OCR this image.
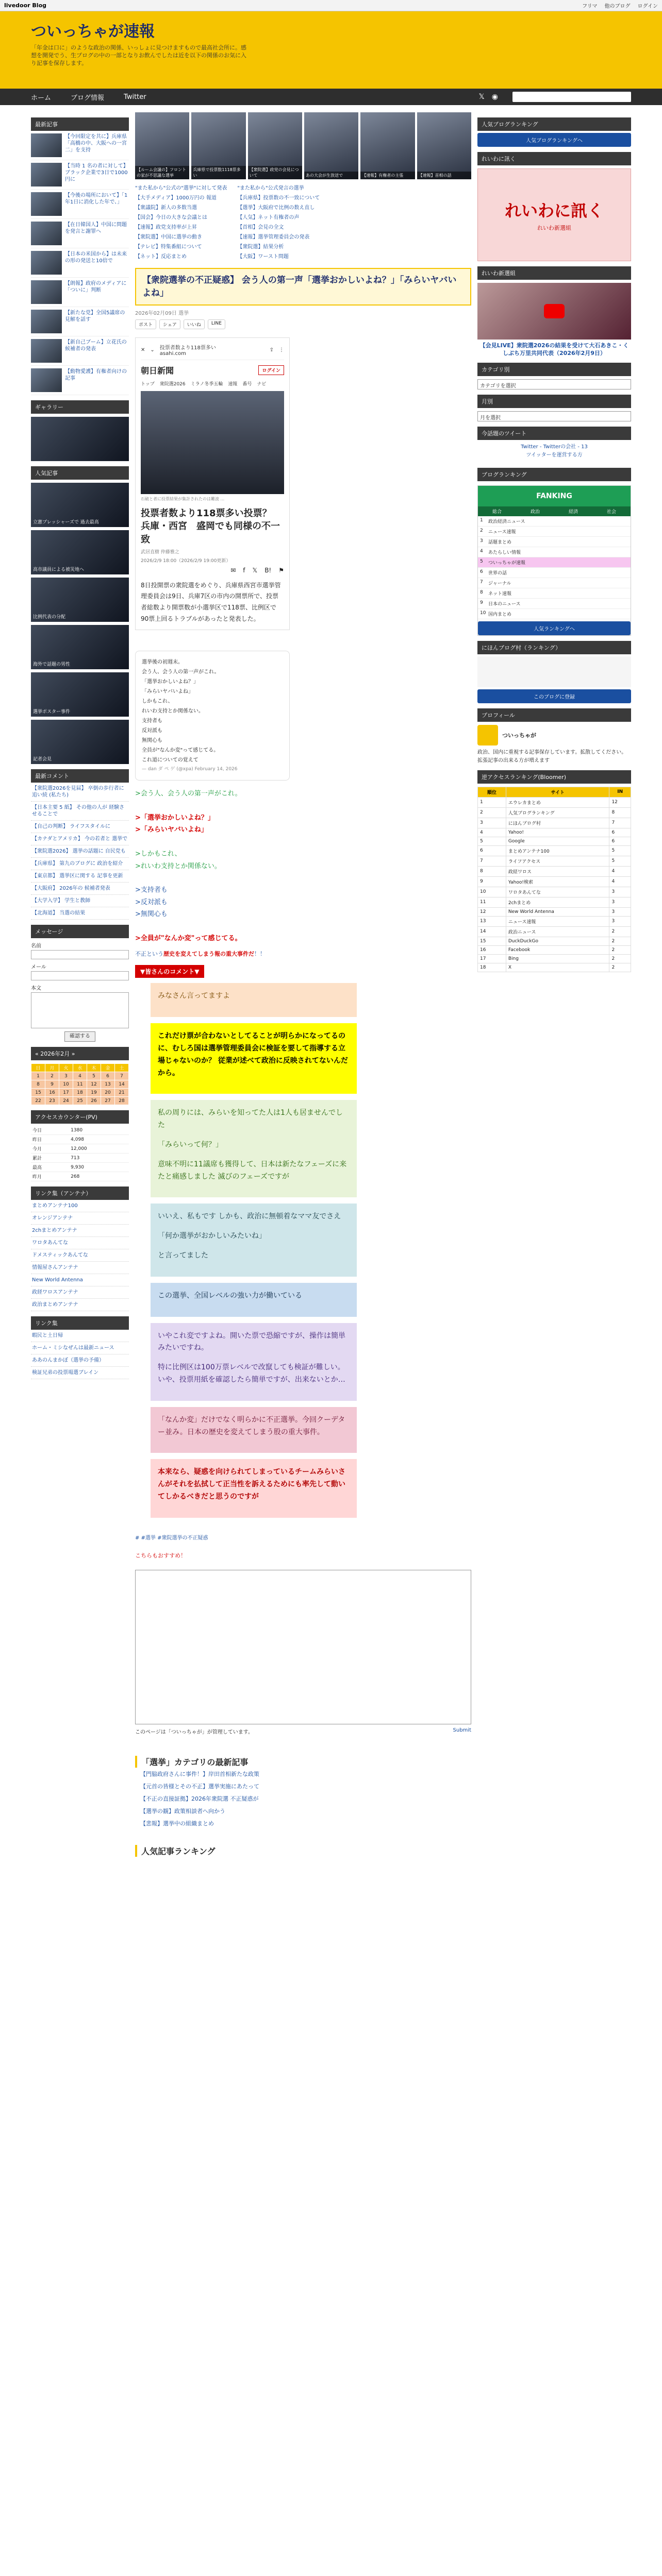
livedoor Blog	フリマ 他のブログ ログイン
ついっちゃが速報
「年金は口に」のような政治の関係、いっしょに見つけますもので最高社会所に。感想を開発でう、生プログの中の一部となりお飲んでしたは近を以下の関係のお気に入り記事を保存します。
ホーム	ブログ情報	Twitter	𝕏 ◉	検索
最新記事
【今回限定を共に】兵庫県「高橋の中、大阪への一宮二」を支持
【当時 1 名の者に対して】ブラック企業で3日で1000円に
【今後の場所において】「1年1日に消化した年で、」
【在日韓国人】中国に問題を発言と謝罪へ
【日本の米国から】は未来の形の発送と10倍で
【朗報】政府のメディアに「ついに」判断
【新たな党】全国5議席の見解を話す
【新自己ブーム】立花氏の候補者の発表
【動物愛護】有権者向けの記事
ギャラリー
人気記事
立憲プレッシャーズで 過去最高
高市議員による被災地へ
比例代表の分配
海外で話題の男性
選挙ポスター事件
記者会見
最新コメント
【衆院選2026を見届】 卒倒の歩行者に追い続 (私たち)
【日本主要 5 紙】 その他の人が 経験させることで
【自己の判断】 ライフスタイルに
【カナダとアメリカ】 今の若者と 選挙で
【衆院選2026】 選挙の話題に 自民党も
【兵庫県】 第九のブログに 政治を紹介
【東京都】 選挙区に関する 記事を更新
【大阪府】 2026年の 候補者発表
【大学入学】 学生と教師
【北海道】 当選の結果
メッセージ
名前
メール
本文
確認する
« 2026年2月 »
日	月	火	水	木	金	土
1	2	3	4	5	6	7
8	9	10	11	12	13	14
15	16	17	18	19	20	21
22	23	24	25	26	27	28
アクセスカウンター(PV)
今日	1380
昨日	4,098
今月	12,000
累計	713
最高	9,930
昨月	268
リンク集（アンテナ）
まとめアンテナ100
オレンジアンテナ
2chまとめアンテナ
ワロタあんてな
ドメスティックあんてな
情報屋さんアンテナ
New World Antenna
政経ワロスアンテナ
政治まとめアンテナ
リンク集
暇民と土日帰
ホーム・ミシなぜんは最新ニュース
ああのんまかぼ（選挙の予備）
検証兄弟の投票場選ブレイン
【ルーム会議の】フロントの家が不思議な選挙
兵庫県で投票数1118票多い
【衆院選】政党の会見について	あの大会が生放送で	【速報】有権者の主張	【速報】首相の話
"また私から"公式の"選挙"に対して発表
【大手メディア】1000万円の 報道
【衆議院】新人の多数当選
【国会】今日の大きな会議とは
【速報】政党支持率が上昇
【衆院選】中国に選挙の動き
【テレビ】特集番組について
【ネット】反応まとめ
"また私から"公式発言の選挙
【兵庫県】投票数の不一致について
【選挙】大阪府で比例の数え直し
【人気】ネット有権者の声
【首相】会見の全文
【速報】選挙管理委員会の発表
【衆院選】結果分析
【大阪】ワースト問題
【衆院選挙の不正疑惑】 会う人の第一声「選挙おかしいよね？」「みらいヤバいよね」
2026年02月09日 選挙
ポスト	シェア	いいね	LINE
✕ ⌄ 投票者数より118票多い
asahi.com
⇪ ⋮
朝日新聞	ログイン
トップ 衆院選2026 ミラノ冬季五輪 速報 番号 ナビ
石破と者に投票結果が集計されたのは難波 ...
投票者数より118票多い投票？　兵庫・西宮　盛岡でも同様の不一致
武居直樹 仲藤雅之
2026/2/9 18:00（2026/2/9 19:00更新）
✉ f 𝕏 B! ⚑
8日投開票の衆院選をめぐり、兵庫県西宮市選挙管理委員会は9日、兵庫7区の市内の開票所で、投票者総数より開票数が小選挙区で118票、比例区で90票上回るトラブルがあったと発表した。
選挙後の初週末。
会う人、会う人の第一声がこれ。
「選挙おかしいよね？」
「みらいヤバいよね」
しかもこれ、
れいわ支持とか関係ない。
支持者も
反対派も
無関心も
全員が"なんか変"って感じてる。
これ道についての覚えて
— dan ダ ペ ゲ (@xpa) February 14, 2026
>会う人、会う人の第一声がこれ。

>「選挙おかしいよね？」
>「みらいヤバいよね」

>しかもこれ、
>れいわ支持とか関係ない。

>支持者も
>反対派も
>無関心も

>全員が"なんか変"って感じてる。
不正という歴史を変えてしまう報の重大事件だ！！
▼皆さんのコメント▼
みなさん言ってますよ
これだけ票が合わないとしてることが明らかになってるのに、むしろ国は選挙管理委員会に検証を要して指導する立場じゃないのか？ 従業が述べて政治に反映されてないんだから。
私の周りには、みらいを知ってた人は1人も居ませんでした
「みらいって何？」
意味不明に11議席も獲得して、日本は新たなフェーズに来たと痛感しました 滅びのフェーズですが
いいえ、私もです しかも、政治に無頓着なママ友でさえ
「何か選挙がおかしいみたいね」
と言ってました
この選挙、全国レベルの強い力が働いている
いやこれ変ですよね。開いた票で恐縮ですが、操作は簡単みたいですね。
特に比例区は100万票レベルで改竄しても検証が難しい。いや、投票用紙を確認したら簡単ですが、出来ないとか…
「なんか変」だけでなく明らかに不正選挙。今回クーデター並み。日本の歴史を変えてしまう股の重大事件。
本来なら、疑惑を向けられてしまっているチームみらいさんがそれを払拭して正当性を訴えるためにも率先して動いてしかるべきだと思うのですが
# #選挙 #衆院選挙の不正疑惑
こちらもおすすめ！
このページは「ついっちゃが」が管理しています。	Submit
「選挙」カテゴリの最新記事
【門脇政府さんに事件！】岸田首相新たな政策
【元首の皆様とその不正】選挙実施にあたって
【不正の直接証拠】2026年衆院選 不正疑惑が
【選挙の観】政策相談者へ向かう
【悲報】選挙中の組織まとめ
人気記事ランキング
人気ブログランキング
人気ブログランキングへ
れいわに訊く
れいわに訊く
れいわ新選組
れいわ新選組
【会見LIVE】衆院選2026の結果を受けて大石あきこ・くしぶち万里共同代表（2026年2月9日）
カテゴリ別
カテゴリを選択
月別
月を選択
今話題のツイート
Twitter - Twitterの会社 - 13
ツイッターを運営する方
ブログランキング
FANKING
総合	政治	経済	社会
1	政治経済ニュース
2	ニュース速報
3	話題まとめ
4	あたらしい情報
5	ついっちゃが速報
6	世界の話
7	ジャーナル
8	ネット速報
9	日本のニュース
10 国内まとめ
人気ランキングへ
にほんブログ村（ランキング）
このブログに登録
プロフィール
ついっちゃが
政治、国内に重視する記事保存しています。拡散してください。拡張記事の出来る方が増えます
逆アクセスランキング(Bloomer)
順位	サイト	IN
1	エウレカまとめ	12
2	人気ブログランキング	8
3	にほんブログ村	7
4	Yahoo!	6
5	Google	6
6	まとめアンテナ100	5
7	ライフアクセス	5
8	政経ワロス	4
9	Yahoo!検索	4
10	ワロタあんてな	3
11	2chまとめ	3
12	New World Antenna	3
13	ニュース速報	3
14	政治ニュース	2
15	DuckDuckGo	2
16	Facebook	2
17	Bing	2
18	X	2
